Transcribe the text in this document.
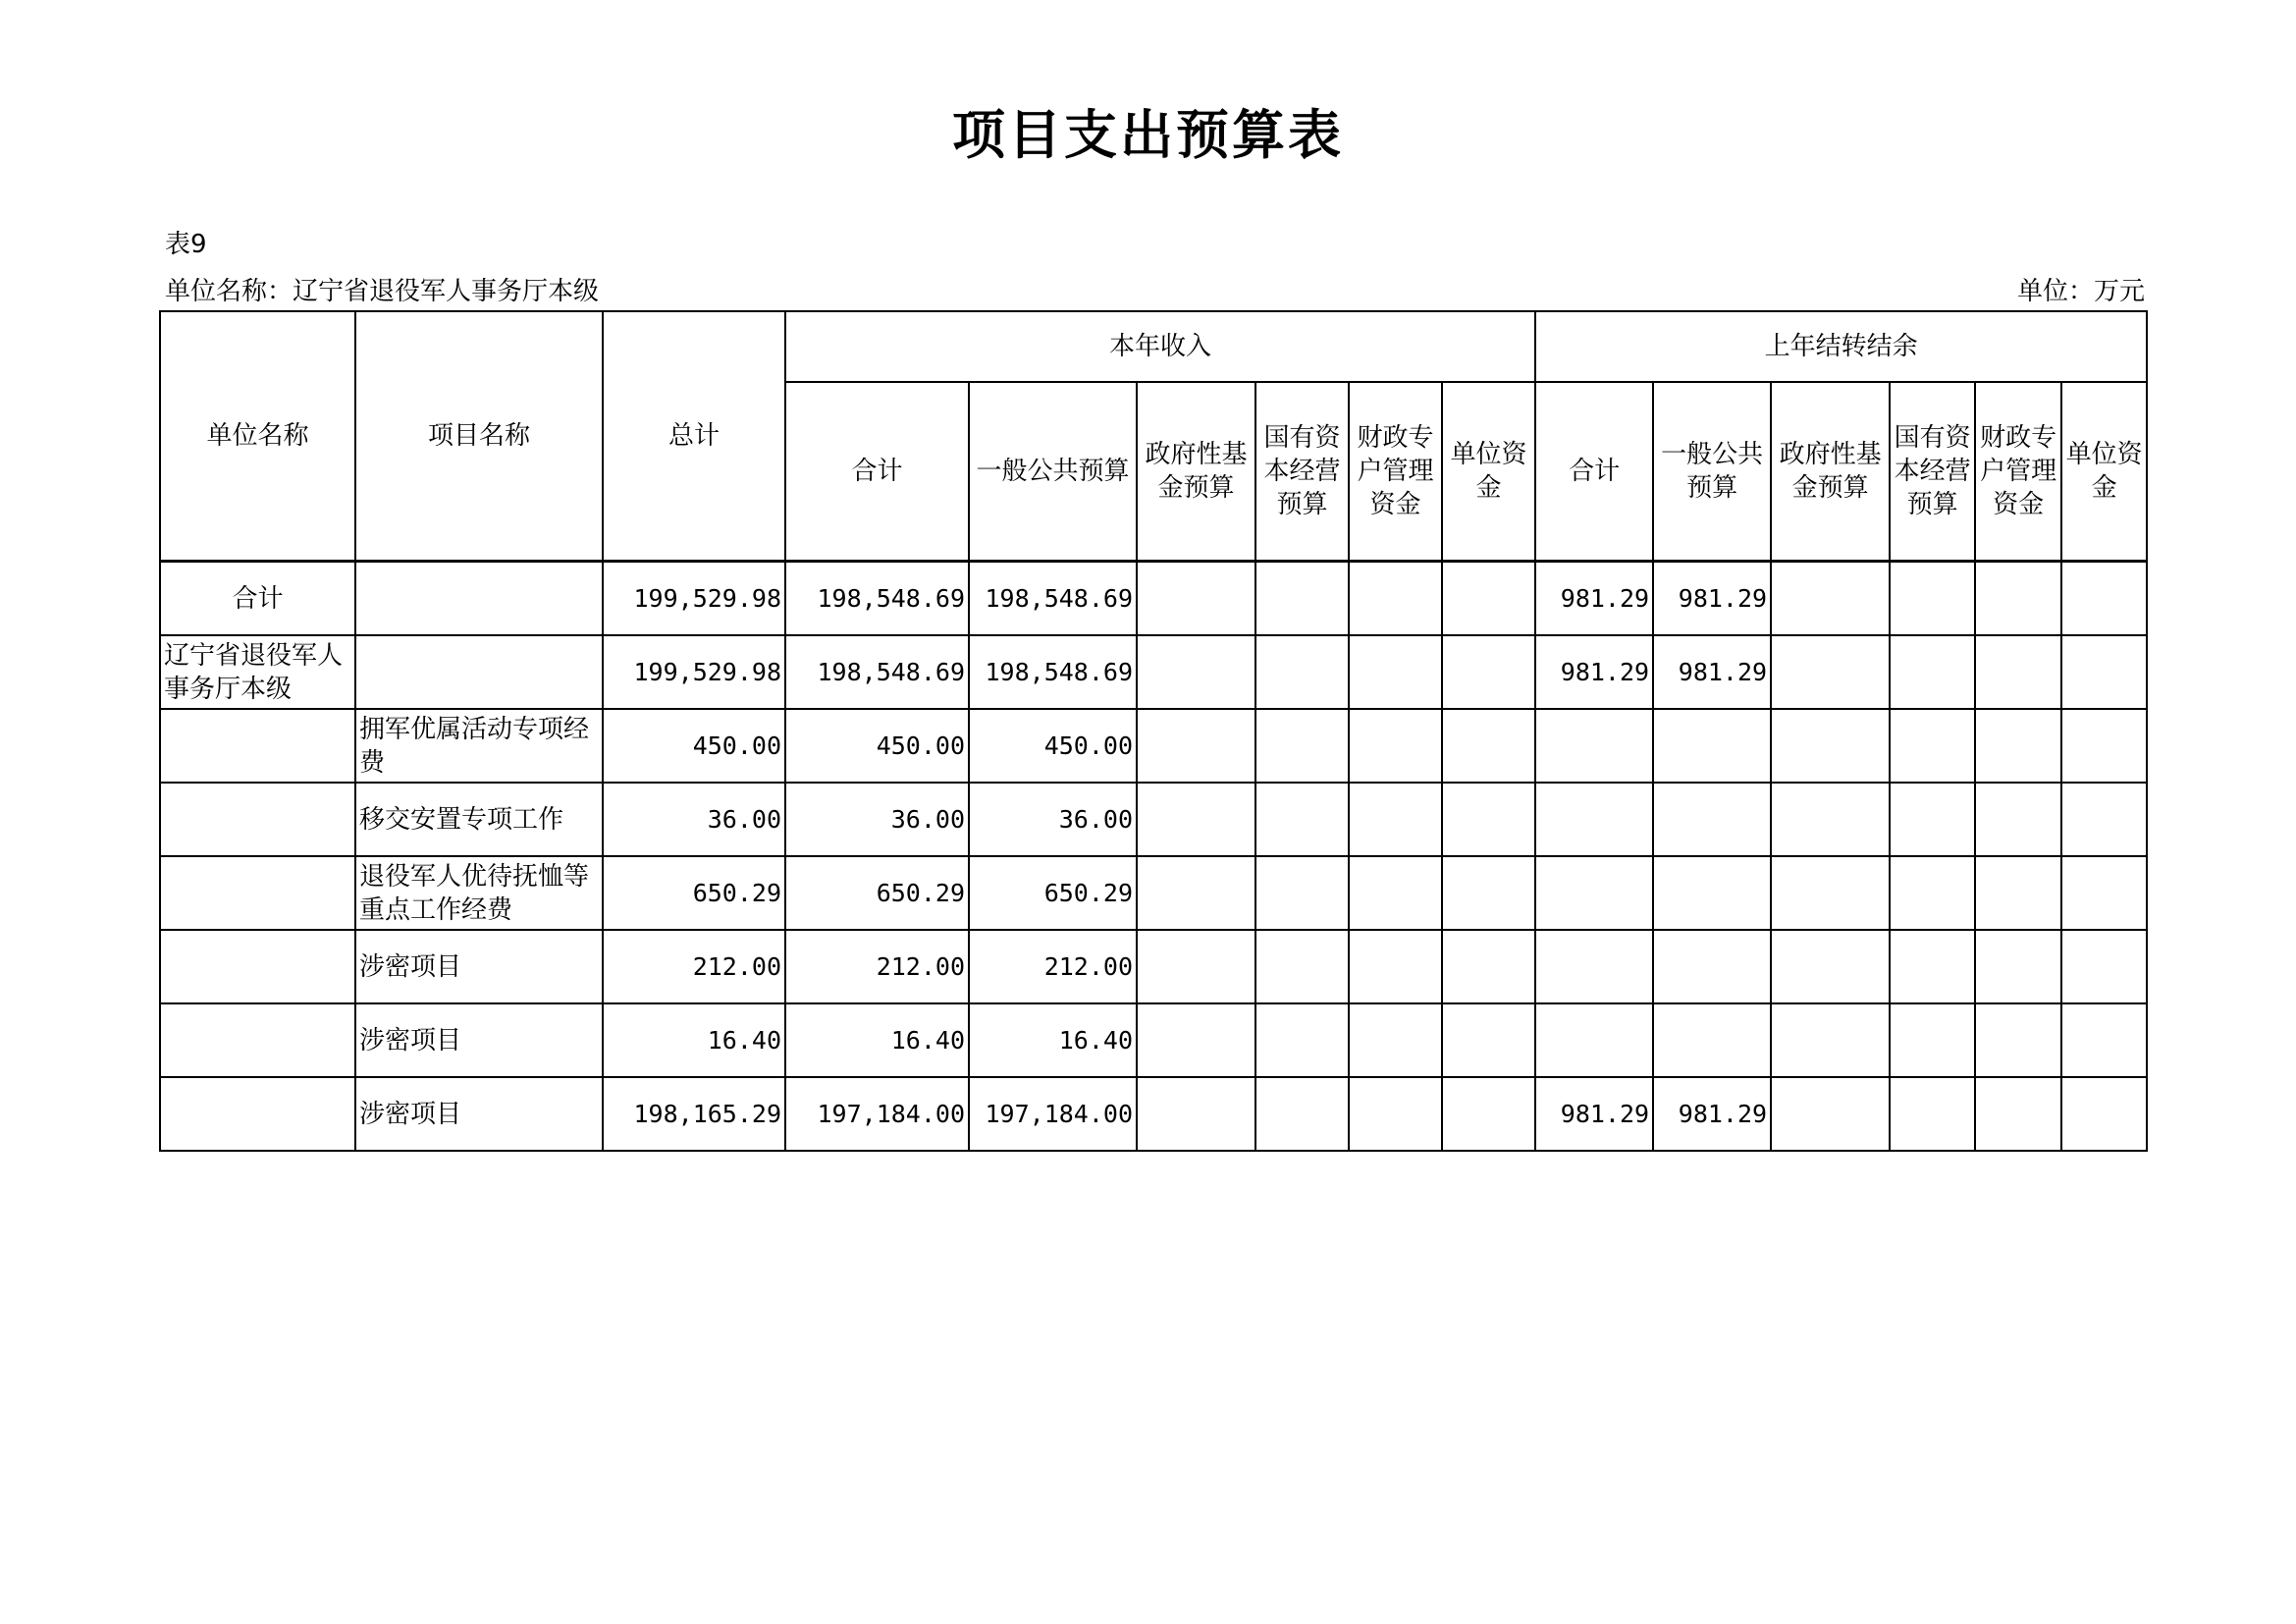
项目支出预算表
表9
单位名称：辽宁省退役军人事务厅本级	单位：万元
单位名称	项目名称	总计	本年收入						上年结转结余					
			合计	一般公共预算	政府性基金预算	国有资本经营预算	财政专户管理资金	单位资金	合计	一般公共预算	政府性基金预算	国有资本经营预算	财政专户管理资金	单位资金
合计		199,529.98	198,548.69	198,548.69					981.29	981.29				
辽宁省退役军人事务厅本级		199,529.98	198,548.69	198,548.69					981.29	981.29				
	拥军优属活动专项经费	450.00	450.00	450.00										
	移交安置专项工作	36.00	36.00	36.00										
	退役军人优待抚恤等重点工作经费	650.29	650.29	650.29										
	涉密项目	212.00	212.00	212.00										
	涉密项目	16.40	16.40	16.40										
	涉密项目	198,165.29	197,184.00	197,184.00					981.29	981.29				
